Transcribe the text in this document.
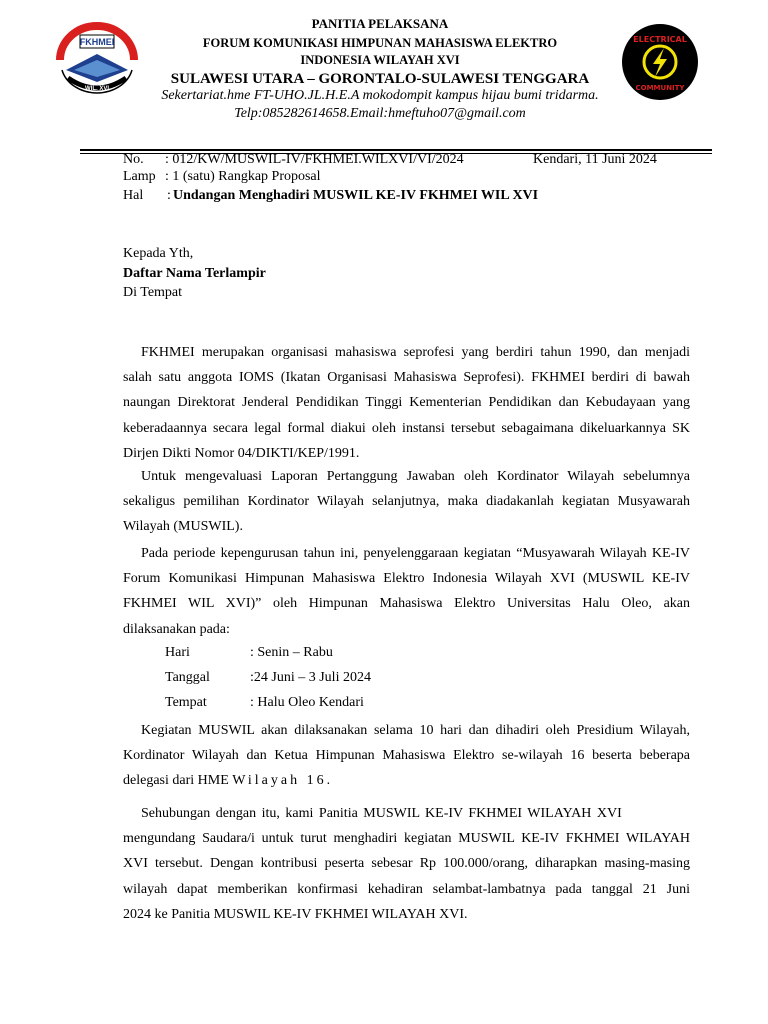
FKHMEI
WIL. XVI
ELECTRICAL
COMMUNITY
PANITIA PELAKSANA
FORUM KOMUNIKASI HIMPUNAN MAHASISWA ELEKTRO
INDONESIA WILAYAH XVI
SULAWESI UTARA – GORONTALO-SULAWESI TENGGARA
Sekertariat.hme FT-UHO.JL.H.E.A mokodompit kampus hijau bumi tridarma.
Telp:085282614658.Email:hmeftuho07@gmail.com
No. : 012/KW/MUSWIL-IV/FKHMEI.WILXVI/VI/2024	Kendari, 11 Juni 2024
Lamp : 1 (satu) Rangkap Proposal
Hal : Undangan Menghadiri MUSWIL KE-IV FKHMEI WIL XVI
Kepada Yth,
Daftar Nama Terlampir
Di Tempat
FKHMEI merupakan organisasi mahasiswa seprofesi yang berdiri tahun 1990, dan menjadi
salah satu anggota IOMS (Ikatan Organisasi Mahasiswa Seprofesi). FKHMEI berdiri di bawah
naungan Direktorat Jenderal Pendidikan Tinggi Kementerian Pendidikan dan Kebudayaan yang
keberadaannya secara legal formal diakui oleh instansi tersebut sebagaimana dikeluarkannya SK
Dirjen Dikti Nomor 04/DIKTI/KEP/1991.
Untuk mengevaluasi Laporan Pertanggung Jawaban oleh Kordinator Wilayah sebelumnya
sekaligus pemilihan Kordinator Wilayah selanjutnya, maka diadakanlah kegiatan Musyawarah
Wilayah (MUSWIL).
Pada periode kepengurusan tahun ini, penyelenggaraan kegiatan “Musyawarah Wilayah KE-IV
Forum Komunikasi Himpunan Mahasiswa Elektro Indonesia Wilayah XVI (MUSWIL KE-IV
FKHMEI WIL XVI)” oleh Himpunan Mahasiswa Elektro Universitas Halu Oleo, akan
dilaksanakan pada:
Hari	: Senin – Rabu
Tanggal	:24 Juni – 3 Juli 2024
Tempat	: Halu Oleo Kendari
Kegiatan MUSWIL akan dilaksanakan selama 10 hari dan dihadiri oleh Presidium Wilayah,
Kordinator Wilayah dan Ketua Himpunan Mahasiswa Elektro se-wilayah 16 beserta beberapa
delegasi dari HME Wilayah 16.
Sehubungan dengan itu, kami Panitia MUSWIL KE-IV FKHMEI WILAYAH XVI
mengundang Saudara/i untuk turut menghadiri kegiatan MUSWIL KE-IV FKHMEI WILAYAH
XVI tersebut. Dengan kontribusi peserta sebesar Rp 100.000/orang, diharapkan masing-masing
wilayah dapat memberikan konfirmasi kehadiran selambat-lambatnya pada tanggal 21 Juni
2024 ke Panitia MUSWIL KE-IV FKHMEI WILAYAH XVI.
